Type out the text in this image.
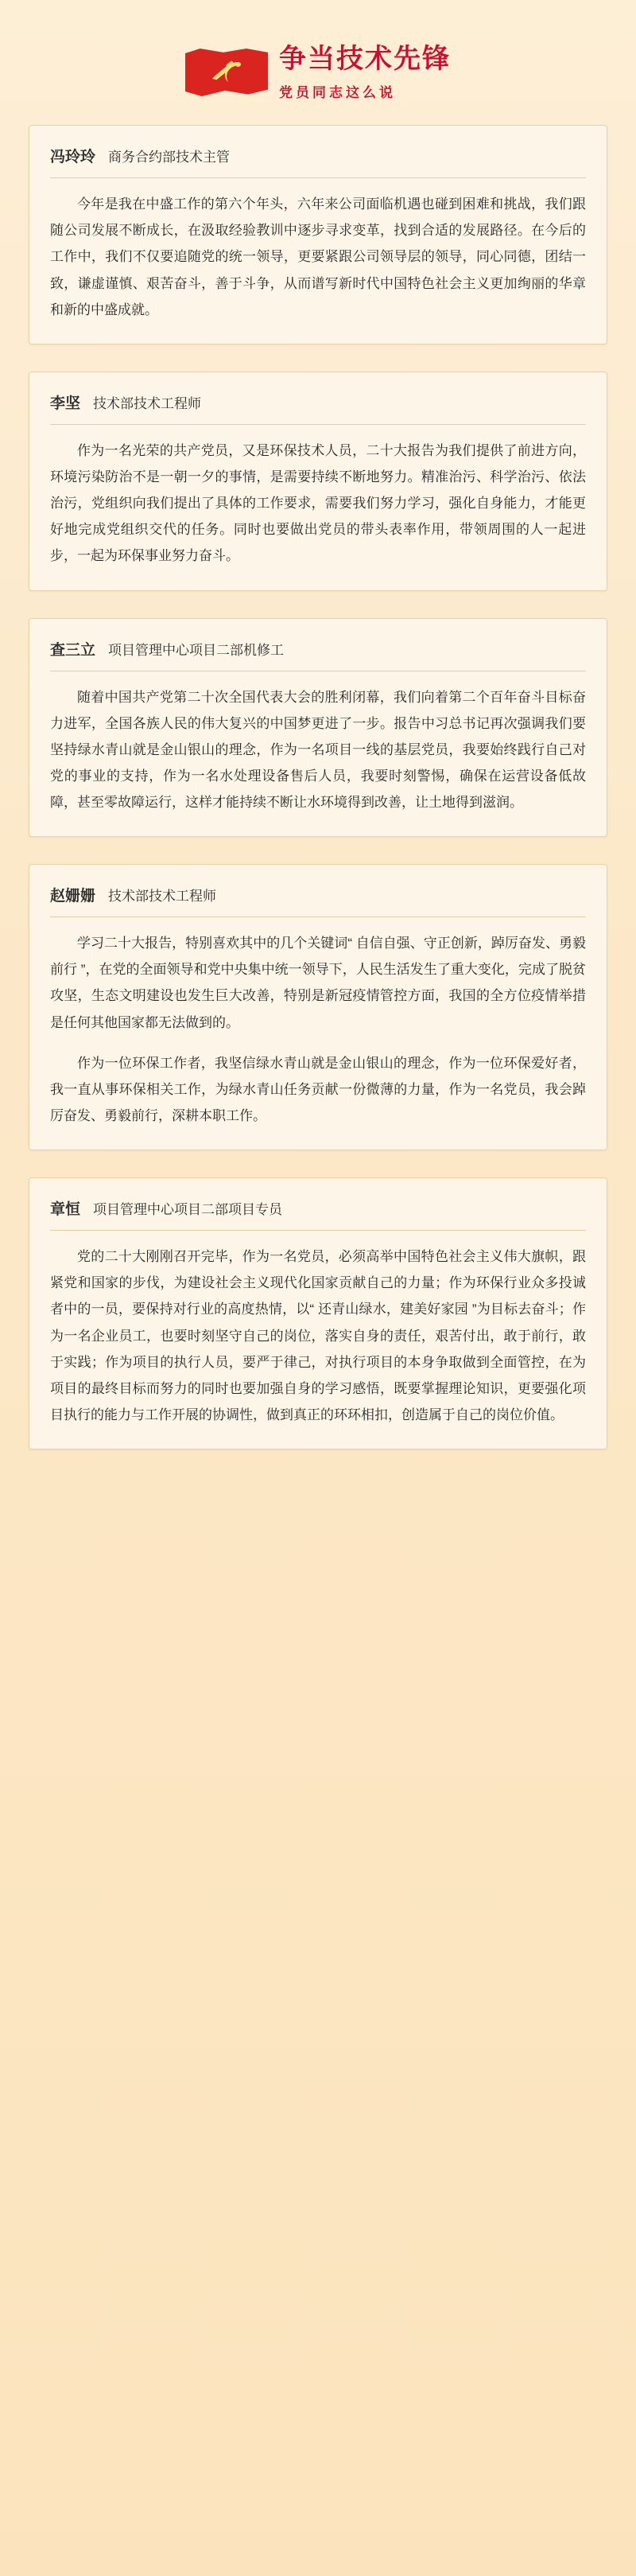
争当技术先锋
党员同志这么说
冯玲玲 商务合约部技术主管

今年是我在中盛工作的第六个年头，六年来公司面临机遇也碰到困难和挑战，我们跟随公司发展不断成长，在汲取经验教训中逐步寻求变革，找到合适的发展路径。在今后的工作中，我们不仅要追随党的统一领导，更要紧跟公司领导层的领导，同心同德，团结一致，谦虚谨慎、艰苦奋斗，善于斗争，从而谱写新时代中国特色社会主义更加绚丽的华章和新的中盛成就。

李坚 技术部技术工程师

作为一名光荣的共产党员，又是环保技术人员，二十大报告为我们提供了前进方向，环境污染防治不是一朝一夕的事情，是需要持续不断地努力。精准治污、科学治污、依法治污，党组织向我们提出了具体的工作要求，需要我们努力学习，强化自身能力，才能更好地完成党组织交代的任务。同时也要做出党员的带头表率作用，带领周围的人一起进步，一起为环保事业努力奋斗。

查三立 项目管理中心项目二部机修工

随着中国共产党第二十次全国代表大会的胜利闭幕，我们向着第二个百年奋斗目标奋力进军，全国各族人民的伟大复兴的中国梦更进了一步。报告中习总书记再次强调我们要坚持绿水青山就是金山银山的理念，作为一名项目一线的基层党员，我要始终践行自己对党的事业的支持，作为一名水处理设备售后人员，我要时刻警惕，确保在运营设备低故障，甚至零故障运行，这样才能持续不断让水环境得到改善，让土地得到滋润。

赵姗姗 技术部技术工程师

学习二十大报告，特别喜欢其中的几个关键词“ 自信自强、守正创新，踔厉奋发、勇毅前行 ”，在党的全面领导和党中央集中统一领导下，人民生活发生了重大变化，完成了脱贫攻坚，生态文明建设也发生巨大改善，特别是新冠疫情管控方面，我国的全方位疫情举措是任何其他国家都无法做到的。

作为一位环保工作者，我坚信绿水青山就是金山银山的理念，作为一位环保爱好者，我一直从事环保相关工作，为绿水青山任务贡献一份微薄的力量，作为一名党员，我会踔厉奋发、勇毅前行，深耕本职工作。

章恒 项目管理中心项目二部项目专员

党的二十大刚刚召开完毕，作为一名党员，必须高举中国特色社会主义伟大旗帜，跟紧党和国家的步伐，为建设社会主义现代化国家贡献自己的力量；作为环保行业众多投诚者中的一员，要保持对行业的高度热情，以“ 还青山绿水，建美好家园 ”为目标去奋斗；作为一名企业员工，也要时刻坚守自己的岗位，落实自身的责任，艰苦付出，敢于前行，敢于实践；作为项目的执行人员，要严于律己，对执行项目的本身争取做到全面管控，在为项目的最终目标而努力的同时也要加强自身的学习感悟，既要掌握理论知识，更要强化项目执行的能力与工作开展的协调性，做到真正的环环相扣，创造属于自己的岗位价值。
